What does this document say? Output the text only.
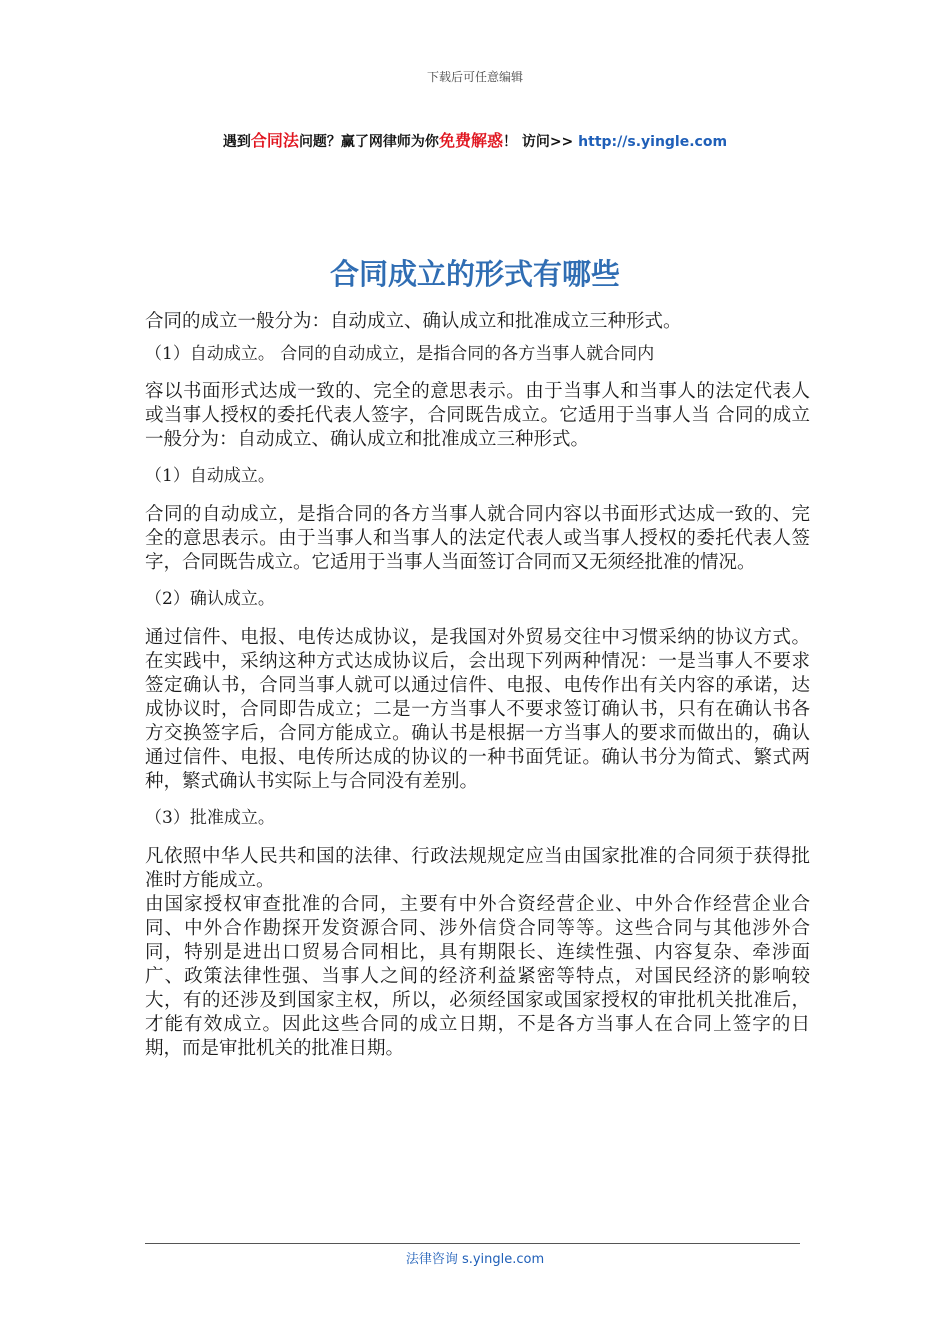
下载后可任意编辑
遇到合同法问题？赢了网律师为你免费解惑！ 访问>> http://s.yingle.com
合同成立的形式有哪些

合同的成立一般分为：自动成立、确认成立和批准成立三种形式。

（1）自动成立。 合同的自动成立，是指合同的各方当事人就合同内

容以书面形式达成一致的、完全的意思表示。由于当事人和当事人的法定代表人或当事人授权的委托代表人签字，合同既告成立。它适用于当事人当 合同的成立一般分为：自动成立、确认成立和批准成立三种形式。

（1）自动成立。

合同的自动成立，是指合同的各方当事人就合同内容以书面形式达成一致的、完全的意思表示。由于当事人和当事人的法定代表人或当事人授权的委托代表人签字，合同既告成立。它适用于当事人当面签订合同而又无须经批准的情况。

（2）确认成立。

通过信件、电报、电传达成协议，是我国对外贸易交往中习惯采纳的协议方式。在实践中，采纳这种方式达成协议后，会出现下列两种情况：一是当事人不要求签定确认书，合同当事人就可以通过信件、电报、电传作出有关内容的承诺，达成协议时，合同即告成立；二是一方当事人不要求签订确认书，只有在确认书各方交换签字后，合同方能成立。确认书是根据一方当事人的要求而做出的，确认通过信件、电报、电传所达成的协议的一种书面凭证。确认书分为简式、繁式两种，繁式确认书实际上与合同没有差别。

（3）批准成立。

凡依照中华人民共和国的法律、行政法规规定应当由国家批准的合同须于获得批准时方能成立。

由国家授权审查批准的合同，主要有中外合资经营企业、中外合作经营企业合同、中外合作勘探开发资源合同、涉外信贷合同等等。这些合同与其他涉外合同，特别是进出口贸易合同相比，具有期限长、连续性强、内容复杂、牵涉面广、政策法律性强、当事人之间的经济利益紧密等特点，对国民经济的影响较大，有的还涉及到国家主权，所以，必须经国家或国家授权的审批机关批准后，才能有效成立。因此这些合同的成立日期，不是各方当事人在合同上签字的日期，而是审批机关的批准日期。

法律咨询 s.yingle.com
